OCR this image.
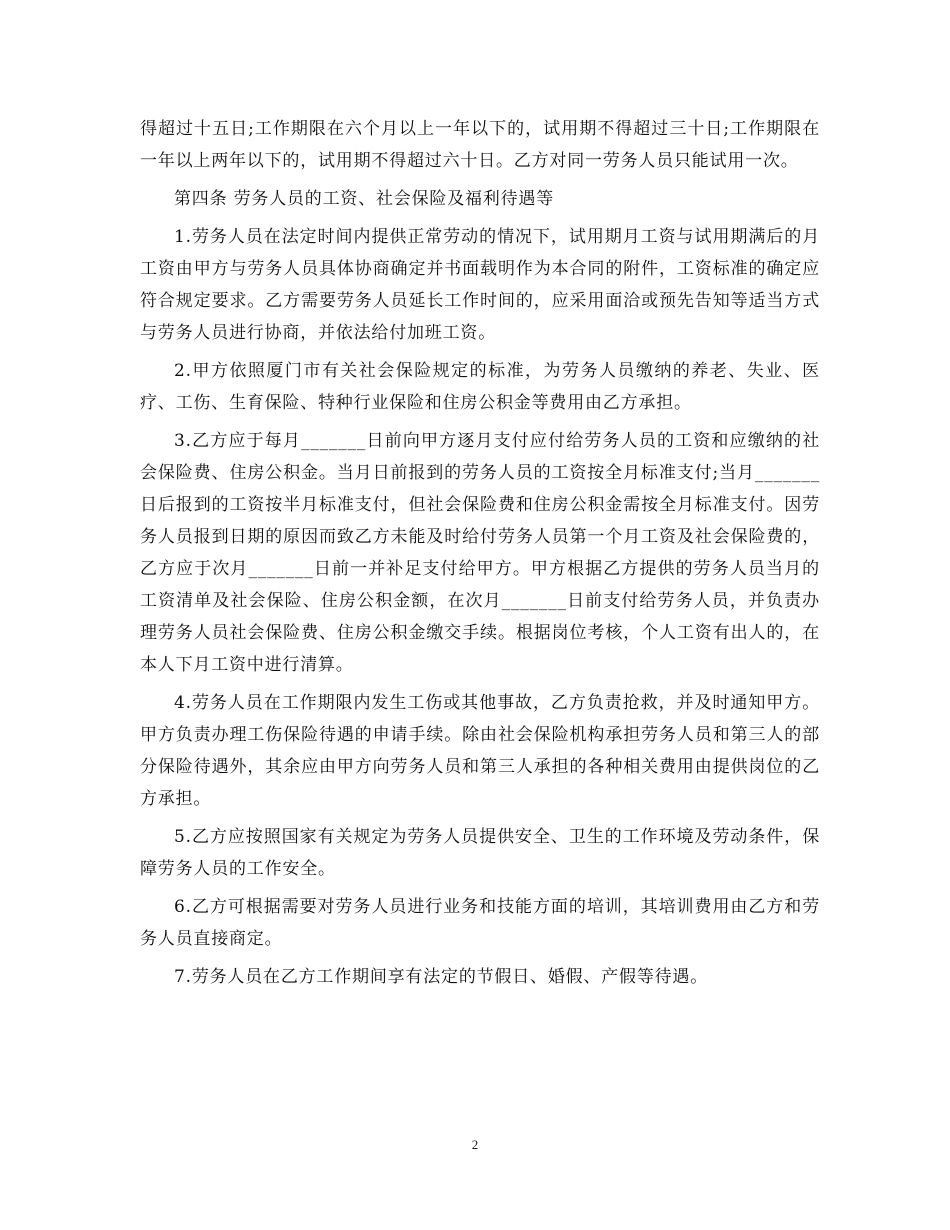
得超过十五日;工作期限在六个月以上一年以下的，试用期不得超过三十日;工作期限在一年以上两年以下的，试用期不得超过六十日。乙方对同一劳务人员只能试用一次。

第四条 劳务人员的工资、社会保险及福利待遇等

1.劳务人员在法定时间内提供正常劳动的情况下，试用期月工资与试用期满后的月工资由甲方与劳务人员具体协商确定并书面载明作为本合同的附件，工资标准的确定应符合规定要求。乙方需要劳务人员延长工作时间的，应采用面洽或预先告知等适当方式与劳务人员进行协商，并依法给付加班工资。

2.甲方依照厦门市有关社会保险规定的标准，为劳务人员缴纳的养老、失业、医疗、工伤、生育保险、特种行业保险和住房公积金等费用由乙方承担。

3.乙方应于每月_______日前向甲方逐月支付应付给劳务人员的工资和应缴纳的社会保险费、住房公积金。当月日前报到的劳务人员的工资按全月标准支付;当月_______日后报到的工资按半月标准支付，但社会保险费和住房公积金需按全月标准支付。因劳务人员报到日期的原因而致乙方未能及时给付劳务人员第一个月工资及社会保险费的，乙方应于次月_______日前一并补足支付给甲方。甲方根据乙方提供的劳务人员当月的工资清单及社会保险、住房公积金额，在次月_______日前支付给劳务人员，并负责办理劳务人员社会保险费、住房公积金缴交手续。根据岗位考核，个人工资有出人的，在本人下月工资中进行清算。

4.劳务人员在工作期限内发生工伤或其他事故，乙方负责抢救，并及时通知甲方。甲方负责办理工伤保险待遇的申请手续。除由社会保险机构承担劳务人员和第三人的部分保险待遇外，其余应由甲方向劳务人员和第三人承担的各种相关费用由提供岗位的乙方承担。

5.乙方应按照国家有关规定为劳务人员提供安全、卫生的工作环境及劳动条件，保障劳务人员的工作安全。

6.乙方可根据需要对劳务人员进行业务和技能方面的培训，其培训费用由乙方和劳务人员直接商定。

7.劳务人员在乙方工作期间享有法定的节假日、婚假、产假等待遇。

2
